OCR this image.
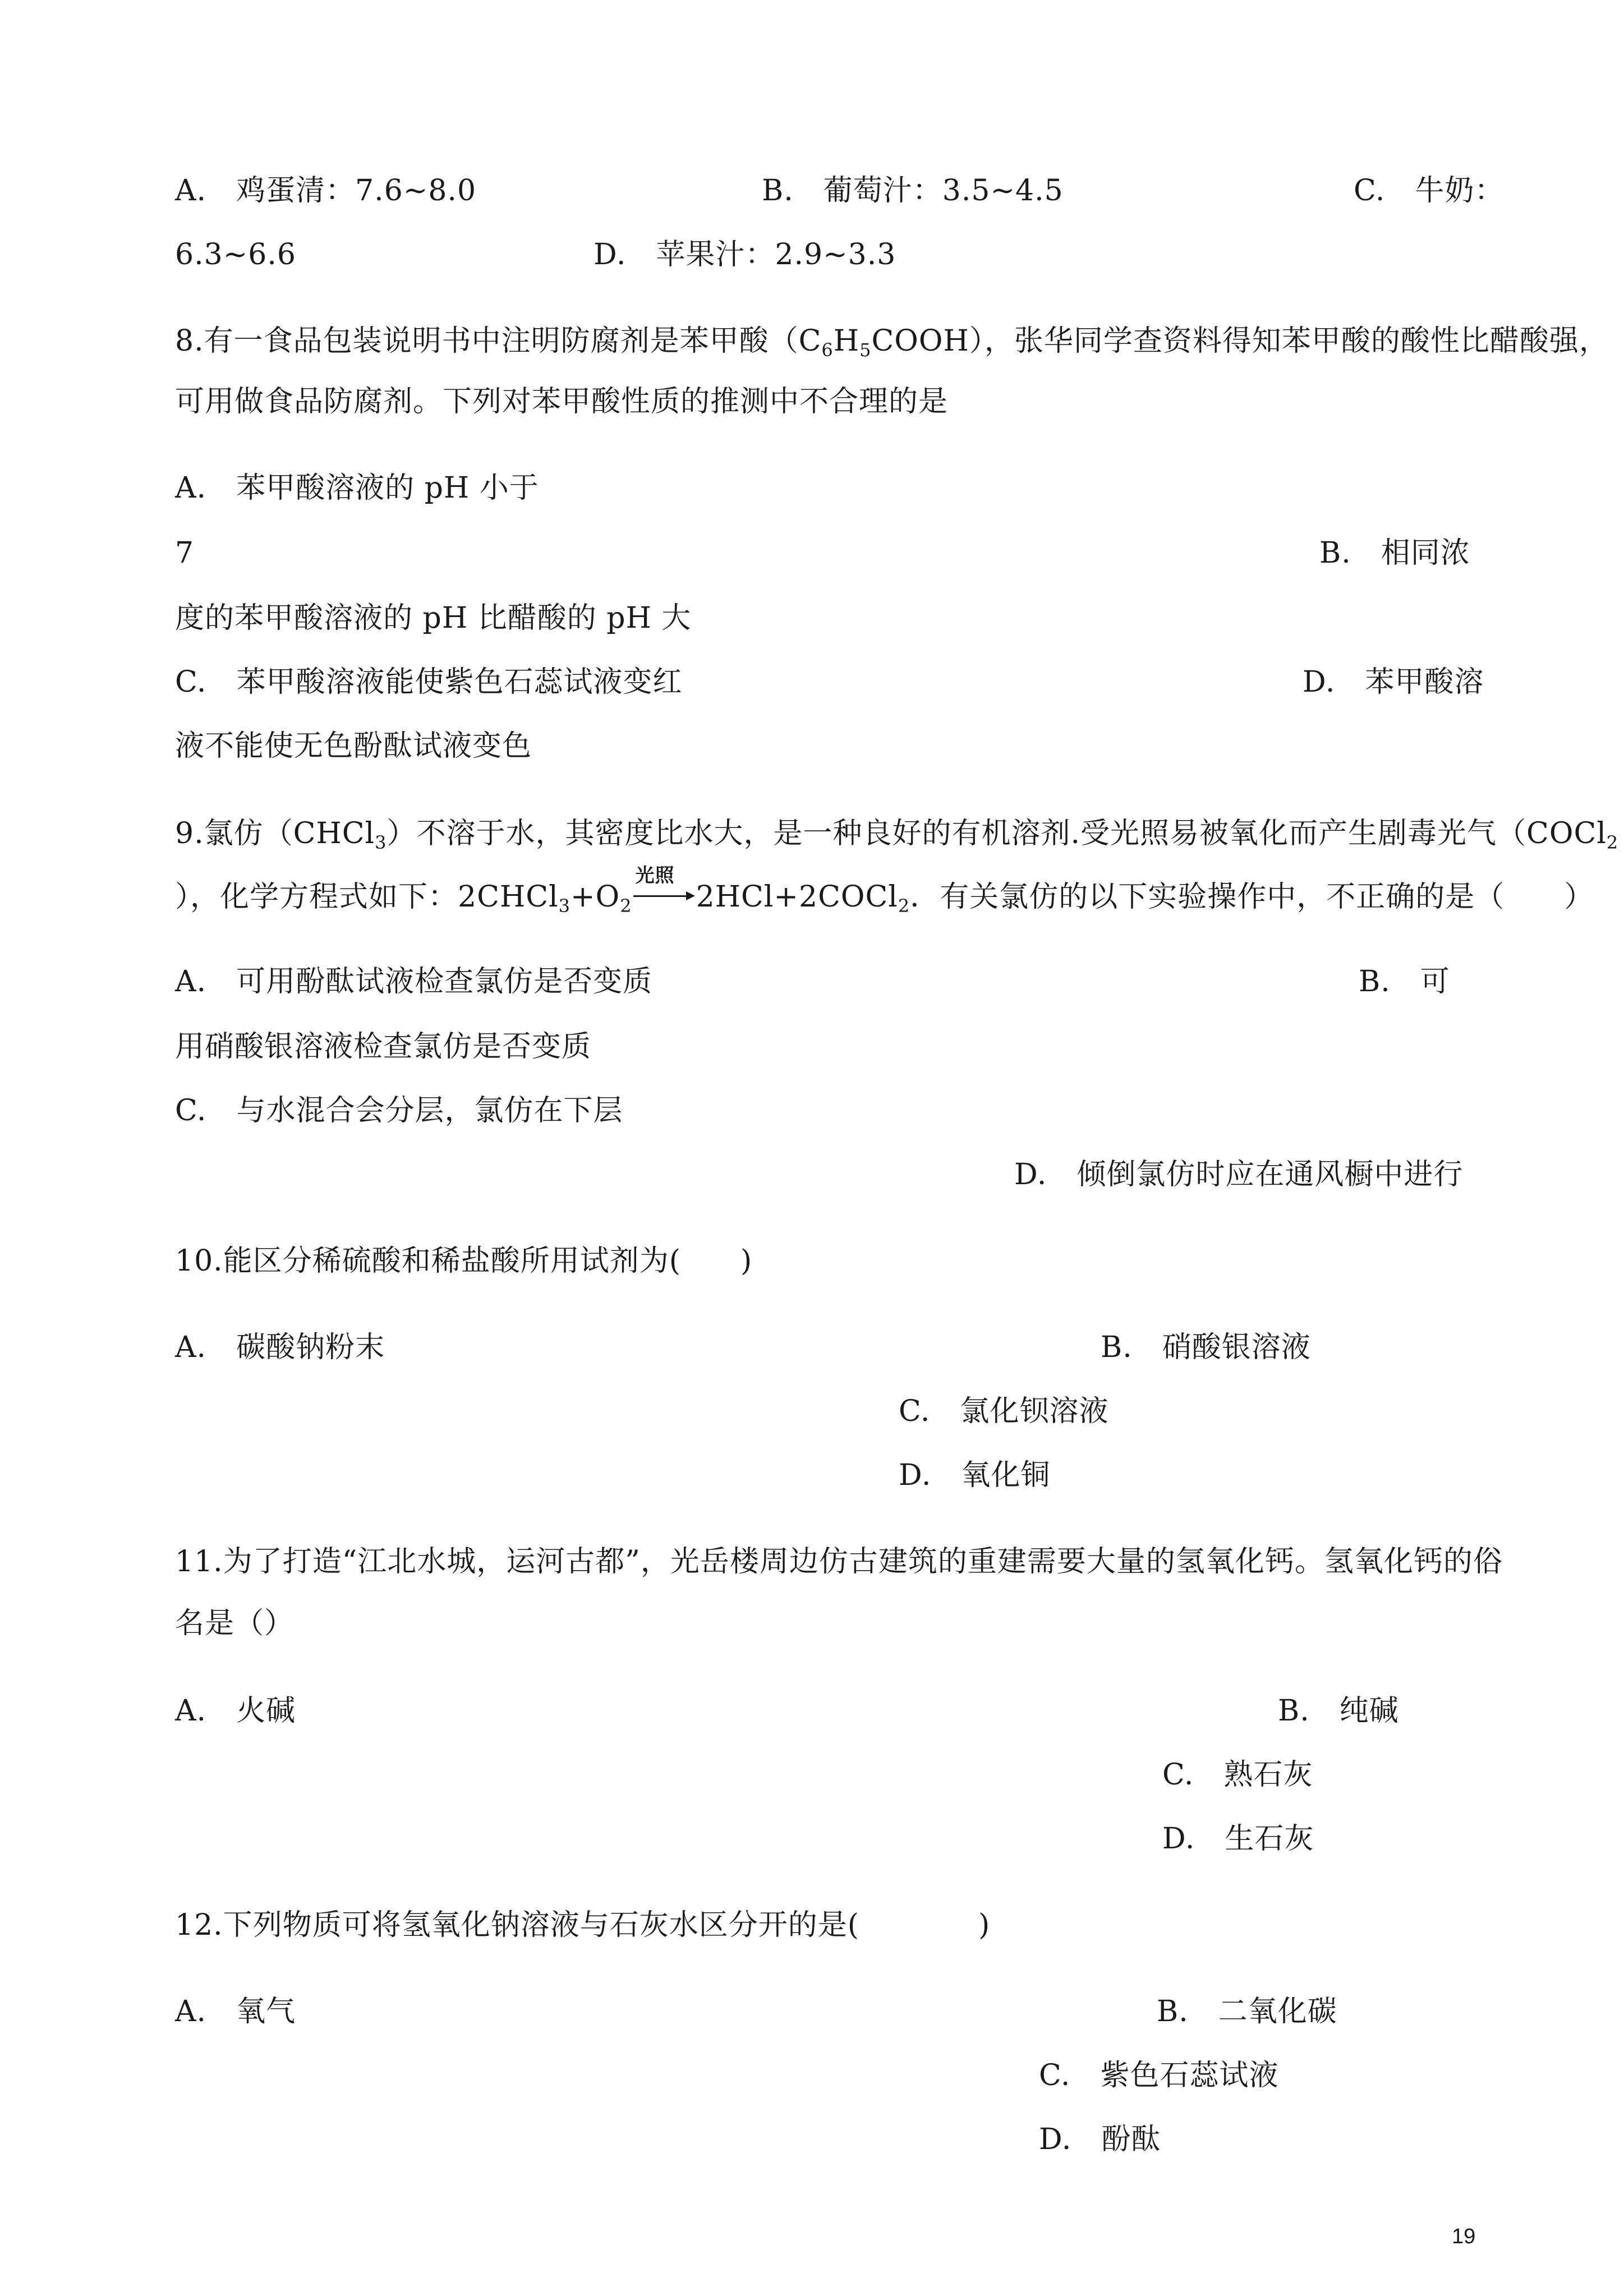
A.　鸡蛋清：7.6~8.0	B.　葡萄汁：3.5~4.5	C.　牛奶：
6.3~6.6	D.　苹果汁：2.9~3.3
8.有一食品包装说明书中注明防腐剂是苯甲酸$(C_6H_5COOH)$，张华同学查资料得知苯甲酸的酸性比醋酸强，
可用做食品防腐剂。下列对苯甲酸性质的推测中不合理的是
A.　苯甲酸溶液的 pH 小于
7	B.　相同浓
度的苯甲酸溶液的 pH 比醋酸的 pH 大
C.　苯甲酸溶液能使紫色石蕊试液变红	D.　苯甲酸溶
液不能使无色酚酞试液变色
9.氯仿（CHCl$_3$）不溶于水，其密度比水大，是一种良好的有机溶剂.受光照易被氧化而产生剧毒光气（COCl$_2$
），化学方程式如下：$2CHCl_3+O_2$
光照
2HCl+2COCl$_2$．有关氯仿的以下实验操作中，不正确的是（　　）
A.　可用酚酞试液检查氯仿是否变质	B.　可
用硝酸银溶液检查氯仿是否变质
C.　与水混合会分层，氯仿在下层
D.　倾倒氯仿时应在通风橱中进行
10.能区分稀硫酸和稀盐酸所用试剂为(　　)
A.　碳酸钠粉末	B.　硝酸银溶液
C.　氯化钡溶液
D.　氧化铜
11.为了打造“江北水城，运河古都”，光岳楼周边仿古建筑的重建需要大量的氢氧化钙。氢氧化钙的俗
名是（）
A.　火碱	B.　纯碱
C.　熟石灰
D.　生石灰
12.下列物质可将氢氧化钠溶液与石灰水区分开的是(　　　　)
A.　氧气	B.　二氧化碳
C.　紫色石蕊试液
D.　酚酞
19
